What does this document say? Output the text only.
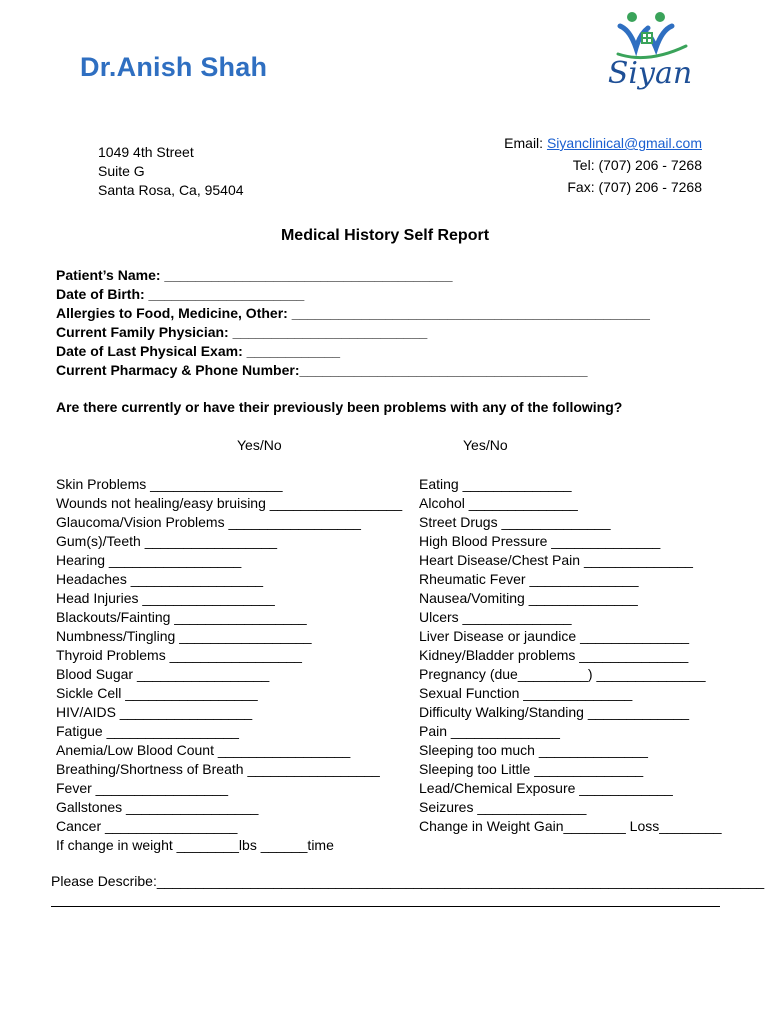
Dr.Anish Shah	Siyan
1049 4th Street
Suite G
Santa Rosa, Ca, 95404
Email: Siyanclinical@gmail.com
Tel: (707) 206 - 7268
Fax: (707) 206 - 7268
Medical History Self Report
Patient’s Name: _____________________________________
Date of Birth: ____________________
Allergies to Food, Medicine, Other: ______________________________________________
Current Family Physician: _________________________
Date of Last Physical Exam: ____________
Current Pharmacy & Phone Number:_____________________________________
Are there currently or have their previously been problems with any of the following?
Yes/No	Yes/No
Skin Problems _________________
Wounds not healing/easy bruising _________________
Glaucoma/Vision Problems _________________
Gum(s)/Teeth _________________
Hearing _________________
Headaches _________________
Head Injuries _________________
Blackouts/Fainting _________________
Numbness/Tingling _________________
Thyroid Problems _________________
Blood Sugar _________________
Sickle Cell _________________
HIV/AIDS _________________
Fatigue _________________
Anemia/Low Blood Count _________________
Breathing/Shortness of Breath _________________
Fever _________________
Gallstones _________________
Cancer _________________
If change in weight ________lbs ______time
Eating ______________
Alcohol ______________
Street Drugs ______________
High Blood Pressure ______________
Heart Disease/Chest Pain ______________
Rheumatic Fever ______________
Nausea/Vomiting ______________
Ulcers ______________
Liver Disease or jaundice ______________
Kidney/Bladder problems ______________
Pregnancy (due_________) ______________
Sexual Function ______________
Difficulty Walking/Standing _____________
Pain ______________
Sleeping too much ______________
Sleeping too Little ______________
Lead/Chemical Exposure ____________
Seizures ______________
Change in Weight Gain________ Loss________
Please Describe:______________________________________________________________________________
